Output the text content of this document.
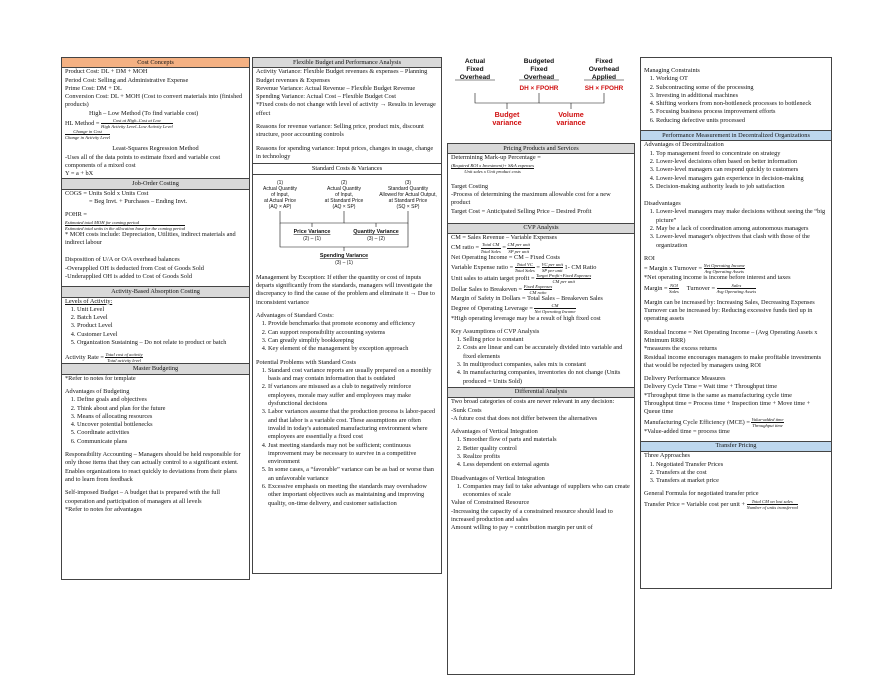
Cost Concepts
Product Cost: DL + DM + MOH
Period Cost: Selling and Administrative Expense
Prime Cost: DM + DL
Conversion Cost: DL + MOH (Cost to convert materials into (finished products)
High – Low Method (To find variable cost)
HL Method = $\frac{\text{Cost at High–Cost at Low}}{\text{High Activity Level–Low Activity Level}}$
$\frac{\text{Change in Cost}}{\text{Change in Activity Level}}$
Least-Squares Regression Method
-Uses all of the data points to estimate fixed and variable cost components of a mixed cost
Y = a + bX
Job-Order Costing
COGS = Units Sold x Units Cost
= Beg Invt. + Purchases – Ending Invt.
POHR =
Estimated total MOH for coming period
Estimated total units in the allocation base for the coming period
* MOH costs include: Depreciation, Utilities, indirect materials and indirect labour
Disposition of U/A or O/A overhead balances
-Overapplied OH is deducted from Cost of Goods Sold
-Underapplied OH is added to Cost of Goods Sold
Activity-Based Absorption Costing
Levels of Activity:
1. Unit Level
2. Batch Level
3. Product Level
4. Customer Level
5. Organization Sustaining – Do not relate to product or batch
Activity Rate = $\frac{\text{Total cost of activity}}{\text{Total activity level}}$
Master Budgeting
*Refer to notes for template
Advantages of Budgeting
1. Define goals and objectives
2. Think about and plan for the future
3. Means of allocating resources
4. Uncover potential bottlenecks
5. Coordinate activities
6. Communicate plans
Responsibility Accounting – Managers should be held responsible for only those items that they can actually control to a significant extent. Enables organizations to react quickly to deviations from their plans and to learn from feedback
Self-imposed Budget – A budget that is prepared with the full cooperation and participation of managers at all levels
*Refer to notes for advantages
Flexible Budget and Performance Analysis
Activity Variance: Flexible Budget revenues & expenses – Planning Budget revenues & Expenses
Revenue Variance: Actual Revenue – Flexible Budget Revenue
Spending Variance: Actual Cost – Flexible Budget Cost
*Fixed costs do not change with level of activity → Results in leverage effect
Reasons for revenue variance: Selling price, product mix, discount structure, poor accounting controls
Reasons for spending variance: Input prices, changes in usage, change in technology
Standard Costs & Variances
(1)
Actual Quantity
of Input,
at Actual Price
(AQ × AP)
(2)
Actual Quantity
of Input,
at Standard Price
(AQ × SP)
(3)
Standard Quantity
Allowed for Actual Output,
at Standard Price
(SQ × SP)
Price Variance	Quantity Variance
Spending Variance
(2) – (1)	(3) – (2)
(3) – (1)
Management by Exception: If either the quantity or cost of inputs departs significantly from the standards, managers will investigate the discrepancy to find the cause of the problem and eliminate it → Due to inconsistent variance
Advantages of Standard Costs:
1. Provide benchmarks that promote economy and efficiency
2. Can support responsibility accounting systems
3. Can greatly simplify bookkeeping
4. Key element of the management by exception approach
Potential Problems with Standard Costs
1. Standard cost variance reports are usually prepared on a monthly basis and may contain information that is outdated
2. If variances are misused as a club to negatively reinforce employees, morale may suffer and employees may make dysfunctional decisions
3. Labor variances assume that the production process is labor-paced and that labor is a variable cost. These assumptions are often invalid in today's automated manufacturing environment where employees are essentially a fixed cost
4. Just meeting standards may not be sufficient; continuous improvement may be necessary to survive in a competitive environment
5. In some cases, a “favorable” variance can be as bad or worse than an unfavorable variance
6. Excessive emphasis on meeting the standards may overshadow other important objectives such as maintaining and improving quality, on-time delivery, and customer satisfaction
Actual
Fixed
Overhead
Budgeted
Fixed
Overhead
Fixed
Overhead
Applied
DH × FPOHR	SH × FPOHR
Budget
variance
Volume
variance
Pricing Products and Services
Determining Mark-up Percentage =
$\frac{\text{(Required ROI x Investment)+ S\&A expenses}}{\text{Unit sales x Unit product costs}}$
Target Costing
-Process of determining the maximum allowable cost for a new product
Target Cost = Anticipated Selling Price – Desired Profit
CVP Analysis
CM = Sales Revenue – Variable Expenses
CM ratio = $\frac{\text{Total CM}}{\text{Total Sales}} = \frac{\text{CM per unit}}{\text{SP per unit}}$
Net Operating Income = CM – Fixed Costs
Variable Expense ratio = $\frac{\text{Total VC}}{\text{Total Sales}} = \frac{\text{VC per unit}}{\text{SP per unit}} 1-$ CM Ratio
Unit sales to attain target profit = $\frac{\text{Target Profit+Fixed Expenses}}{\text{CM per unit}}$
Dollar Sales to Breakeven = $\frac{\text{Fixed Expenses}}{\text{CM ratio}}$
Margin of Safety in Dollars = Total Sales – Breakeven Sales
Degree of Operating Leverage = $\frac{CM}{\text{Net Operating Income}}$
*High operating leverage may be a result of high fixed cost
Key Assumptions of CVP Analysis
1. Selling price is constant
2. Costs are linear and can be accurately divided into variable and fixed elements
3. In multiproduct companies, sales mix is constant
4. In manufacturing companies, inventories do not change (Units produced = Units Sold)
Differential Analysis
Two broad categories of costs are never relevant in any decision:
-Sunk Costs
-A future cost that does not differ between the alternatives
Advantages of Vertical Integration
1. Smoother flow of parts and materials
2. Better quality control
3. Realize profits
4. Less dependent on external agents
Disadvantages of Vertical Integration
1. Companies may fail to take advantage of suppliers who can create economies of scale
Value of Constrained Resource
-Increasing the capacity of a constrained resource should lead to increased production and sales
Amount willing to pay = contribution margin per unit of
Managing Constraints
1. Working OT
2. Subcontracting some of the processing
3. Investing in additional machines
4. Shifting workers from non-bottleneck processes to bottleneck
5. Focusing business process improvement efforts
6. Reducing defective units processed
Performance Measurement in Decentralized Organizations
Advantages of Decentralization
1. Top management freed to concentrate on strategy
2. Lower-level decisions often based on better information
3. Lower-level managers can respond quickly to customers
4. Lower-level managers gain experience in decision-making
5. Decision-making authority leads to job satisfaction
Disadvantages
1. Lower-level managers may make decisions without seeing the “big picture”
2. May be a lack of coordination among autonomous managers
3. Lower-level manager's objectives that clash with those of the organization
ROI
= Margin x Turnover = $\frac{\text{Net Operating Income}}{\text{Avg Operating Assets}}$
*Net operating income is income before interest and taxes
Margin = $\frac{\text{NOI}}{\text{Sales}}$ Turnover = $\frac{\text{Sales}}{\text{Avg Operating Assets}}$
Margin can be increased by: Increasing Sales, Decreasing Expenses
Turnover can be increased by: Reducing excessive funds tied up in operating assets
Residual Income = Net Operating Income – (Avg Operating Assets x Minimum RRR)
*measures the excess returns
Residual income encourages managers to make profitable investments that would be rejected by managers using ROI
Delivery Performance Measures
Delivery Cycle Time = Wait time + Throughput time
*Throughput time is the same as manufacturing cycle time
Throughput time = Process time + Inspection time + Move time + Queue time
Manufacturing Cycle Efficiency $(MCE) = \frac{\text{Value-added time}}{\text{Throughput time}}$
*Value-added time = process time
Transfer Pricing
Three Approaches
1. Negotiated Transfer Prices
2. Transfers at the cost
3. Transfers at market price
General Formula for negotiated transfer price
Transfer Price = Variable cost per unit + $\frac{\text{Total CM on lost sales}}{\text{Number of units transferred}}$
